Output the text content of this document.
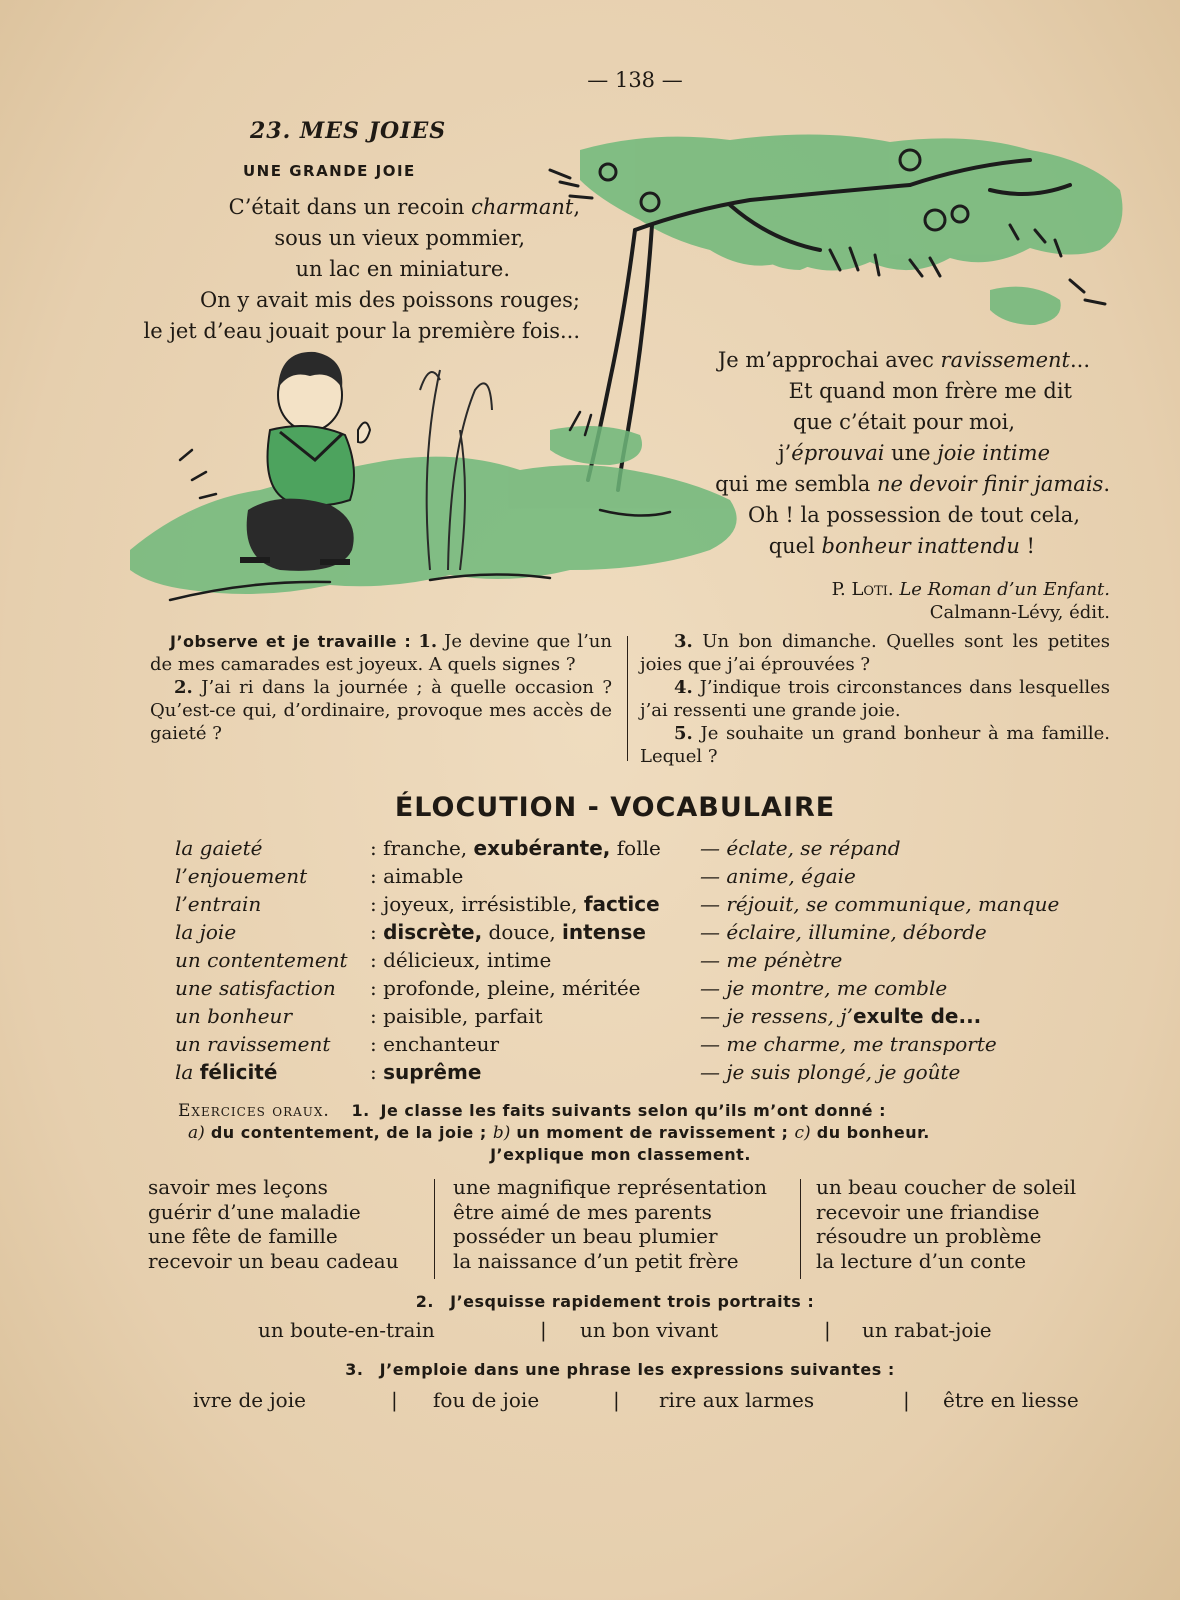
— 138 —
23. MES JOIES
UNE GRANDE JOIE
C’était dans un recoin charmant,
sous un vieux pommier,
un lac en miniature.
On y avait mis des poissons rouges;
le jet d’eau jouait pour la première fois...
Je m’approchai avec ravissement...
Et quand mon frère me dit
que c’était pour moi,
j’éprouvai une joie intime
qui me sembla ne devoir finir jamais.
Oh ! la possession de tout cela,
quel bonheur inattendu !
P. Loti. Le Roman d’un Enfant.
Calmann-Lévy, édit.
J’observe et je travaille : 1. Je devine que l’un de mes camarades est joyeux. A quels signes ?
2. J’ai ri dans la journée ; à quelle occasion ? Qu’est-ce qui, d’ordinaire, provoque mes accès de gaieté ?
3. Un bon dimanche. Quelles sont les petites joies que j’ai éprouvées ?
4. J’indique trois circonstances dans lesquelles j’ai ressenti une grande joie.
5. Je souhaite un grand bonheur à ma famille. Lequel ?
ÉLOCUTION - VOCABULAIRE
la gaieté	: franche, exubérante, folle — éclate, se répand
l’enjouement	: aimable	— anime, égaie
l’entrain	: joyeux, irrésistible, factice — réjouit, se communique, manque
la joie	: discrète, douce, intense	— éclaire, illumine, déborde
un contentement : délicieux, intime	— me pénètre
une satisfaction : profonde, pleine, méritée	— je montre, me comble
un bonheur	: paisible, parfait	— je ressens, j’exulte de...
un ravissement : enchanteur	— me charme, me transporte
la félicité	: suprême	— je suis plongé, je goûte
Exercices oraux. 1. Je classe les faits suivants selon qu’ils m’ont donné :
a) du contentement, de la joie ; b) un moment de ravissement ; c) du bonheur.
J’explique mon classement.
savoir mes leçons
guérir d’une maladie
une fête de famille
recevoir un beau cadeau
une magnifique représentation
être aimé de mes parents
posséder un beau plumier
la naissance d’un petit frère
un beau coucher de soleil
recevoir une friandise
résoudre un problème
la lecture d’un conte
2. J’esquisse rapidement trois portraits :
un boute-en-train	| un bon vivant	| un rabat-joie
3. J’emploie dans une phrase les expressions suivantes :
ivre de joie	| fou de joie	| rire aux larmes	| être en liesse
